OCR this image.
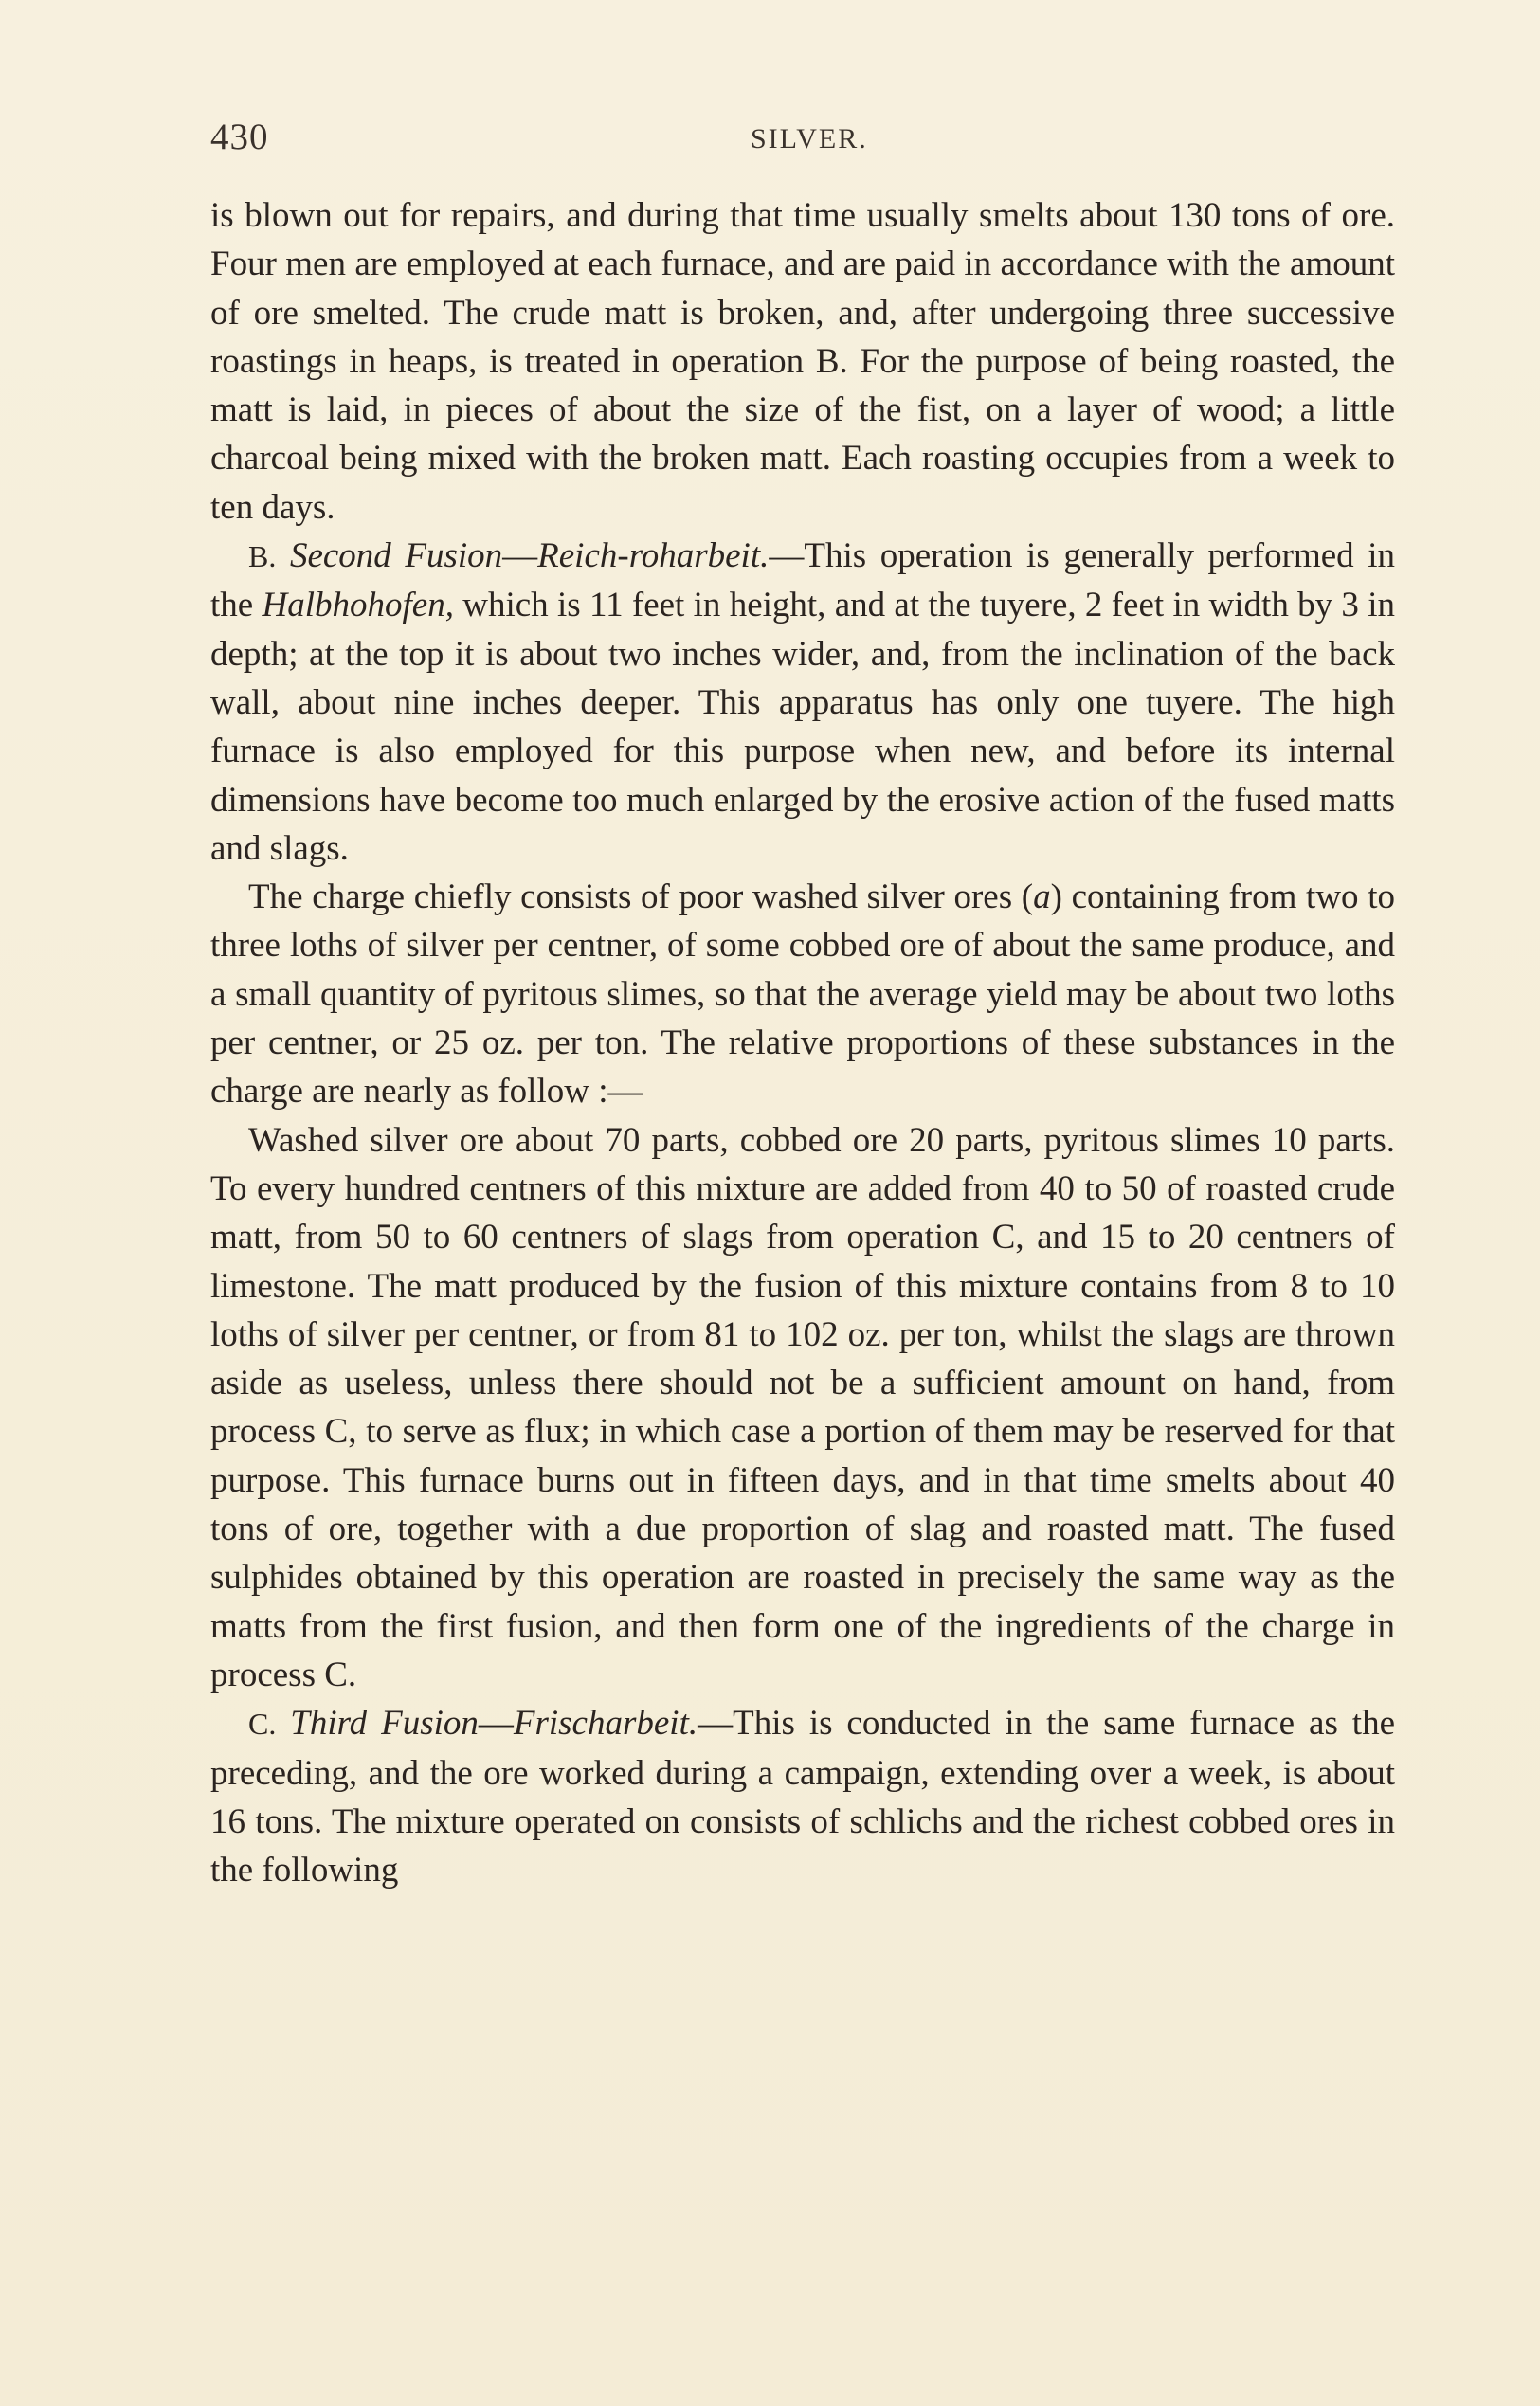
430	SILVER.

is blown out for repairs, and during that time usually smelts about 130 tons of ore. Four men are employed at each furnace, and are paid in accordance with the amount of ore smelted. The crude matt is broken, and, after undergoing three successive roastings in heaps, is treated in operation B. For the purpose of being roasted, the matt is laid, in pieces of about the size of the fist, on a layer of wood; a little charcoal being mixed with the broken matt. Each roasting occupies from a week to ten days.

B. Second Fusion—Reich-roharbeit.—This operation is generally performed in the Halbhohofen, which is 11 feet in height, and at the tuyere, 2 feet in width by 3 in depth; at the top it is about two inches wider, and, from the inclination of the back wall, about nine inches deeper. This apparatus has only one tuyere. The high furnace is also employed for this purpose when new, and before its internal dimensions have become too much enlarged by the erosive action of the fused matts and slags.

The charge chiefly consists of poor washed silver ores (a) containing from two to three loths of silver per centner, of some cobbed ore of about the same produce, and a small quantity of pyritous slimes, so that the average yield may be about two loths per centner, or 25 oz. per ton. The relative proportions of these substances in the charge are nearly as follow :—

Washed silver ore about 70 parts, cobbed ore 20 parts, pyritous slimes 10 parts. To every hundred centners of this mixture are added from 40 to 50 of roasted crude matt, from 50 to 60 centners of slags from operation C, and 15 to 20 centners of limestone. The matt produced by the fusion of this mixture contains from 8 to 10 loths of silver per centner, or from 81 to 102 oz. per ton, whilst the slags are thrown aside as useless, unless there should not be a sufficient amount on hand, from process C, to serve as flux; in which case a portion of them may be reserved for that purpose. This furnace burns out in fifteen days, and in that time smelts about 40 tons of ore, together with a due proportion of slag and roasted matt. The fused sulphides obtained by this operation are roasted in precisely the same way as the matts from the first fusion, and then form one of the ingredients of the charge in process C.

C. Third Fusion—Frischarbeit.—This is conducted in the same furnace as the preceding, and the ore worked during a campaign, extending over a week, is about 16 tons. The mixture operated on consists of schlichs and the richest cobbed ores in the following
